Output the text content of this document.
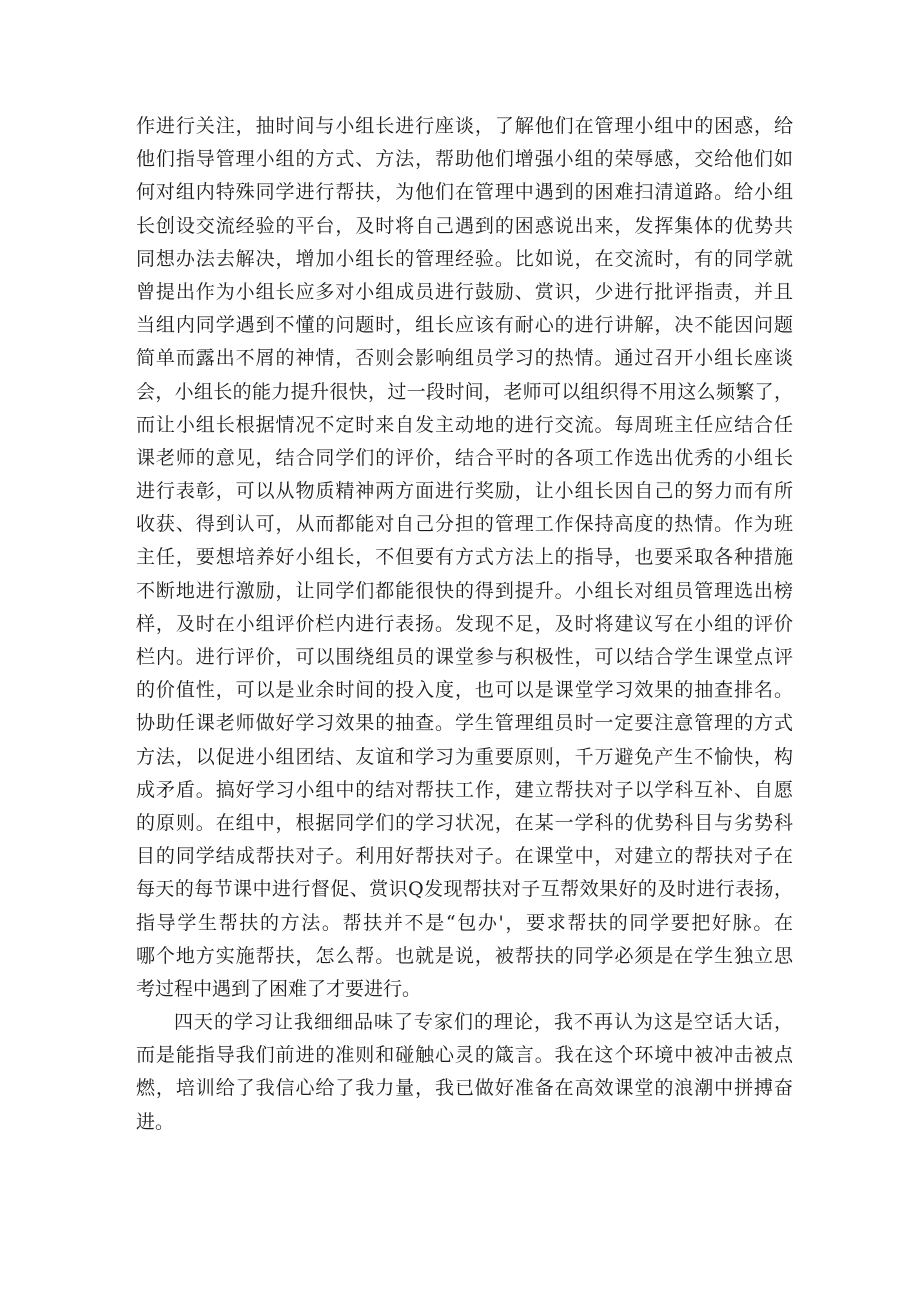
作进行关注，抽时间与小组长进行座谈，了解他们在管理小组中的困惑，给
他们指导管理小组的方式、方法，帮助他们增强小组的荣辱感，交给他们如
何对组内特殊同学进行帮扶，为他们在管理中遇到的困难扫清道路。给小组
长创设交流经验的平台，及时将自己遇到的困惑说出来，发挥集体的优势共
同想办法去解决，增加小组长的管理经验。比如说，在交流时，有的同学就
曾提出作为小组长应多对小组成员进行鼓励、赏识，少进行批评指责，并且
当组内同学遇到不懂的问题时，组长应该有耐心的进行讲解，决不能因问题
简单而露出不屑的神情，否则会影响组员学习的热情。通过召开小组长座谈
会，小组长的能力提升很快，过一段时间，老师可以组织得不用这么频繁了，
而让小组长根据情况不定时来自发主动地的进行交流。每周班主任应结合任
课老师的意见，结合同学们的评价，结合平时的各项工作选出优秀的小组长
进行表彰，可以从物质精神两方面进行奖励，让小组长因自己的努力而有所
收获、得到认可，从而都能对自己分担的管理工作保持高度的热情。作为班
主任，要想培养好小组长，不但要有方式方法上的指导，也要采取各种措施
不断地进行激励，让同学们都能很快的得到提升。小组长对组员管理选出榜
样，及时在小组评价栏内进行表扬。发现不足，及时将建议写在小组的评价
栏内。进行评价，可以围绕组员的课堂参与积极性，可以结合学生课堂点评
的价值性，可以是业余时间的投入度，也可以是课堂学习效果的抽查排名。
协助任课老师做好学习效果的抽查。学生管理组员时一定要注意管理的方式
方法，以促进小组团结、友谊和学习为重要原则，千万避免产生不愉快，构
成矛盾。搞好学习小组中的结对帮扶工作，建立帮扶对子以学科互补、自愿
的原则。在组中，根据同学们的学习状况，在某一学科的优势科目与劣势科
目的同学结成帮扶对子。利用好帮扶对子。在课堂中，对建立的帮扶对子在
每天的每节课中进行督促、赏识Q发现帮扶对子互帮效果好的及时进行表扬，
指导学生帮扶的方法。帮扶并不是“包办'，要求帮扶的同学要把好脉。在
哪个地方实施帮扶，怎么帮。也就是说，被帮扶的同学必须是在学生独立思
考过程中遇到了困难了才要进行。
四天的学习让我细细品味了专家们的理论，我不再认为这是空话大话，
而是能指导我们前进的准则和碰触心灵的箴言。我在这个环境中被冲击被点
燃，培训给了我信心给了我力量，我已做好准备在高效课堂的浪潮中拼搏奋
进。
